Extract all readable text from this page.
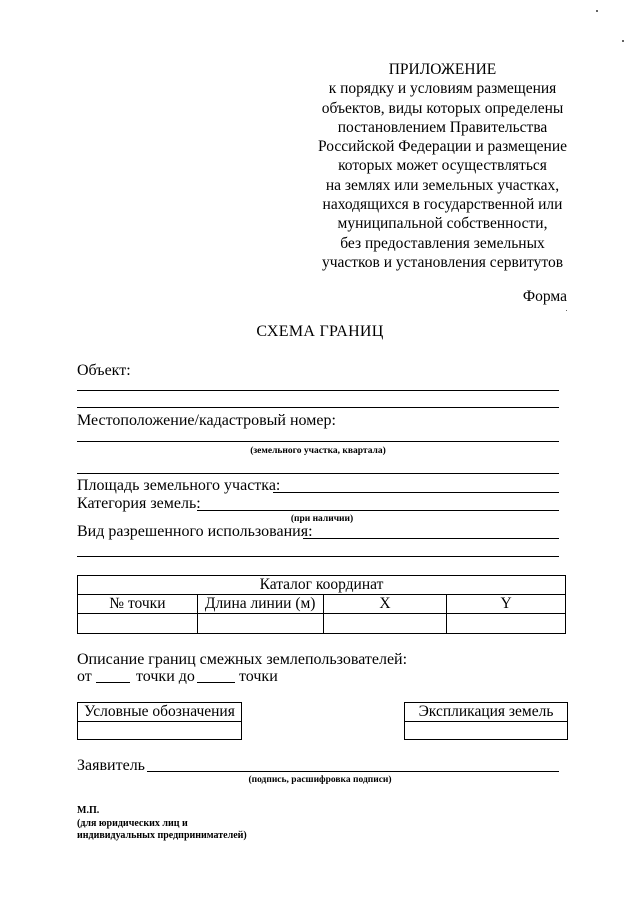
ПРИЛОЖЕНИЕ
к порядку и условиям размещения
объектов, виды которых определены
постановлением Правительства
Российской Федерации и размещение
которых может осуществляться
на землях или земельных участках,
находящихся в государственной или
муниципальной собственности,
без предоставления земельных
участков и установления сервитутов
Форма
СХЕМА ГРАНИЦ
Объект:
Местоположение/кадастровый номер:
(земельного участка, квартала)
Площадь земельного участка:
Категория земель:
(при наличии)
Вид разрешенного использования:
Каталог координат			
№ точки	Длина линии (м)	X	Y

Описание границ смежных землепользователей:
от	точки до	точки
Условные обозначения	Экспликация земель
Заявитель
(подпись, расшифровка подписи)
М.П.
(для юридических лиц и
индивидуальных предпринимателей)
